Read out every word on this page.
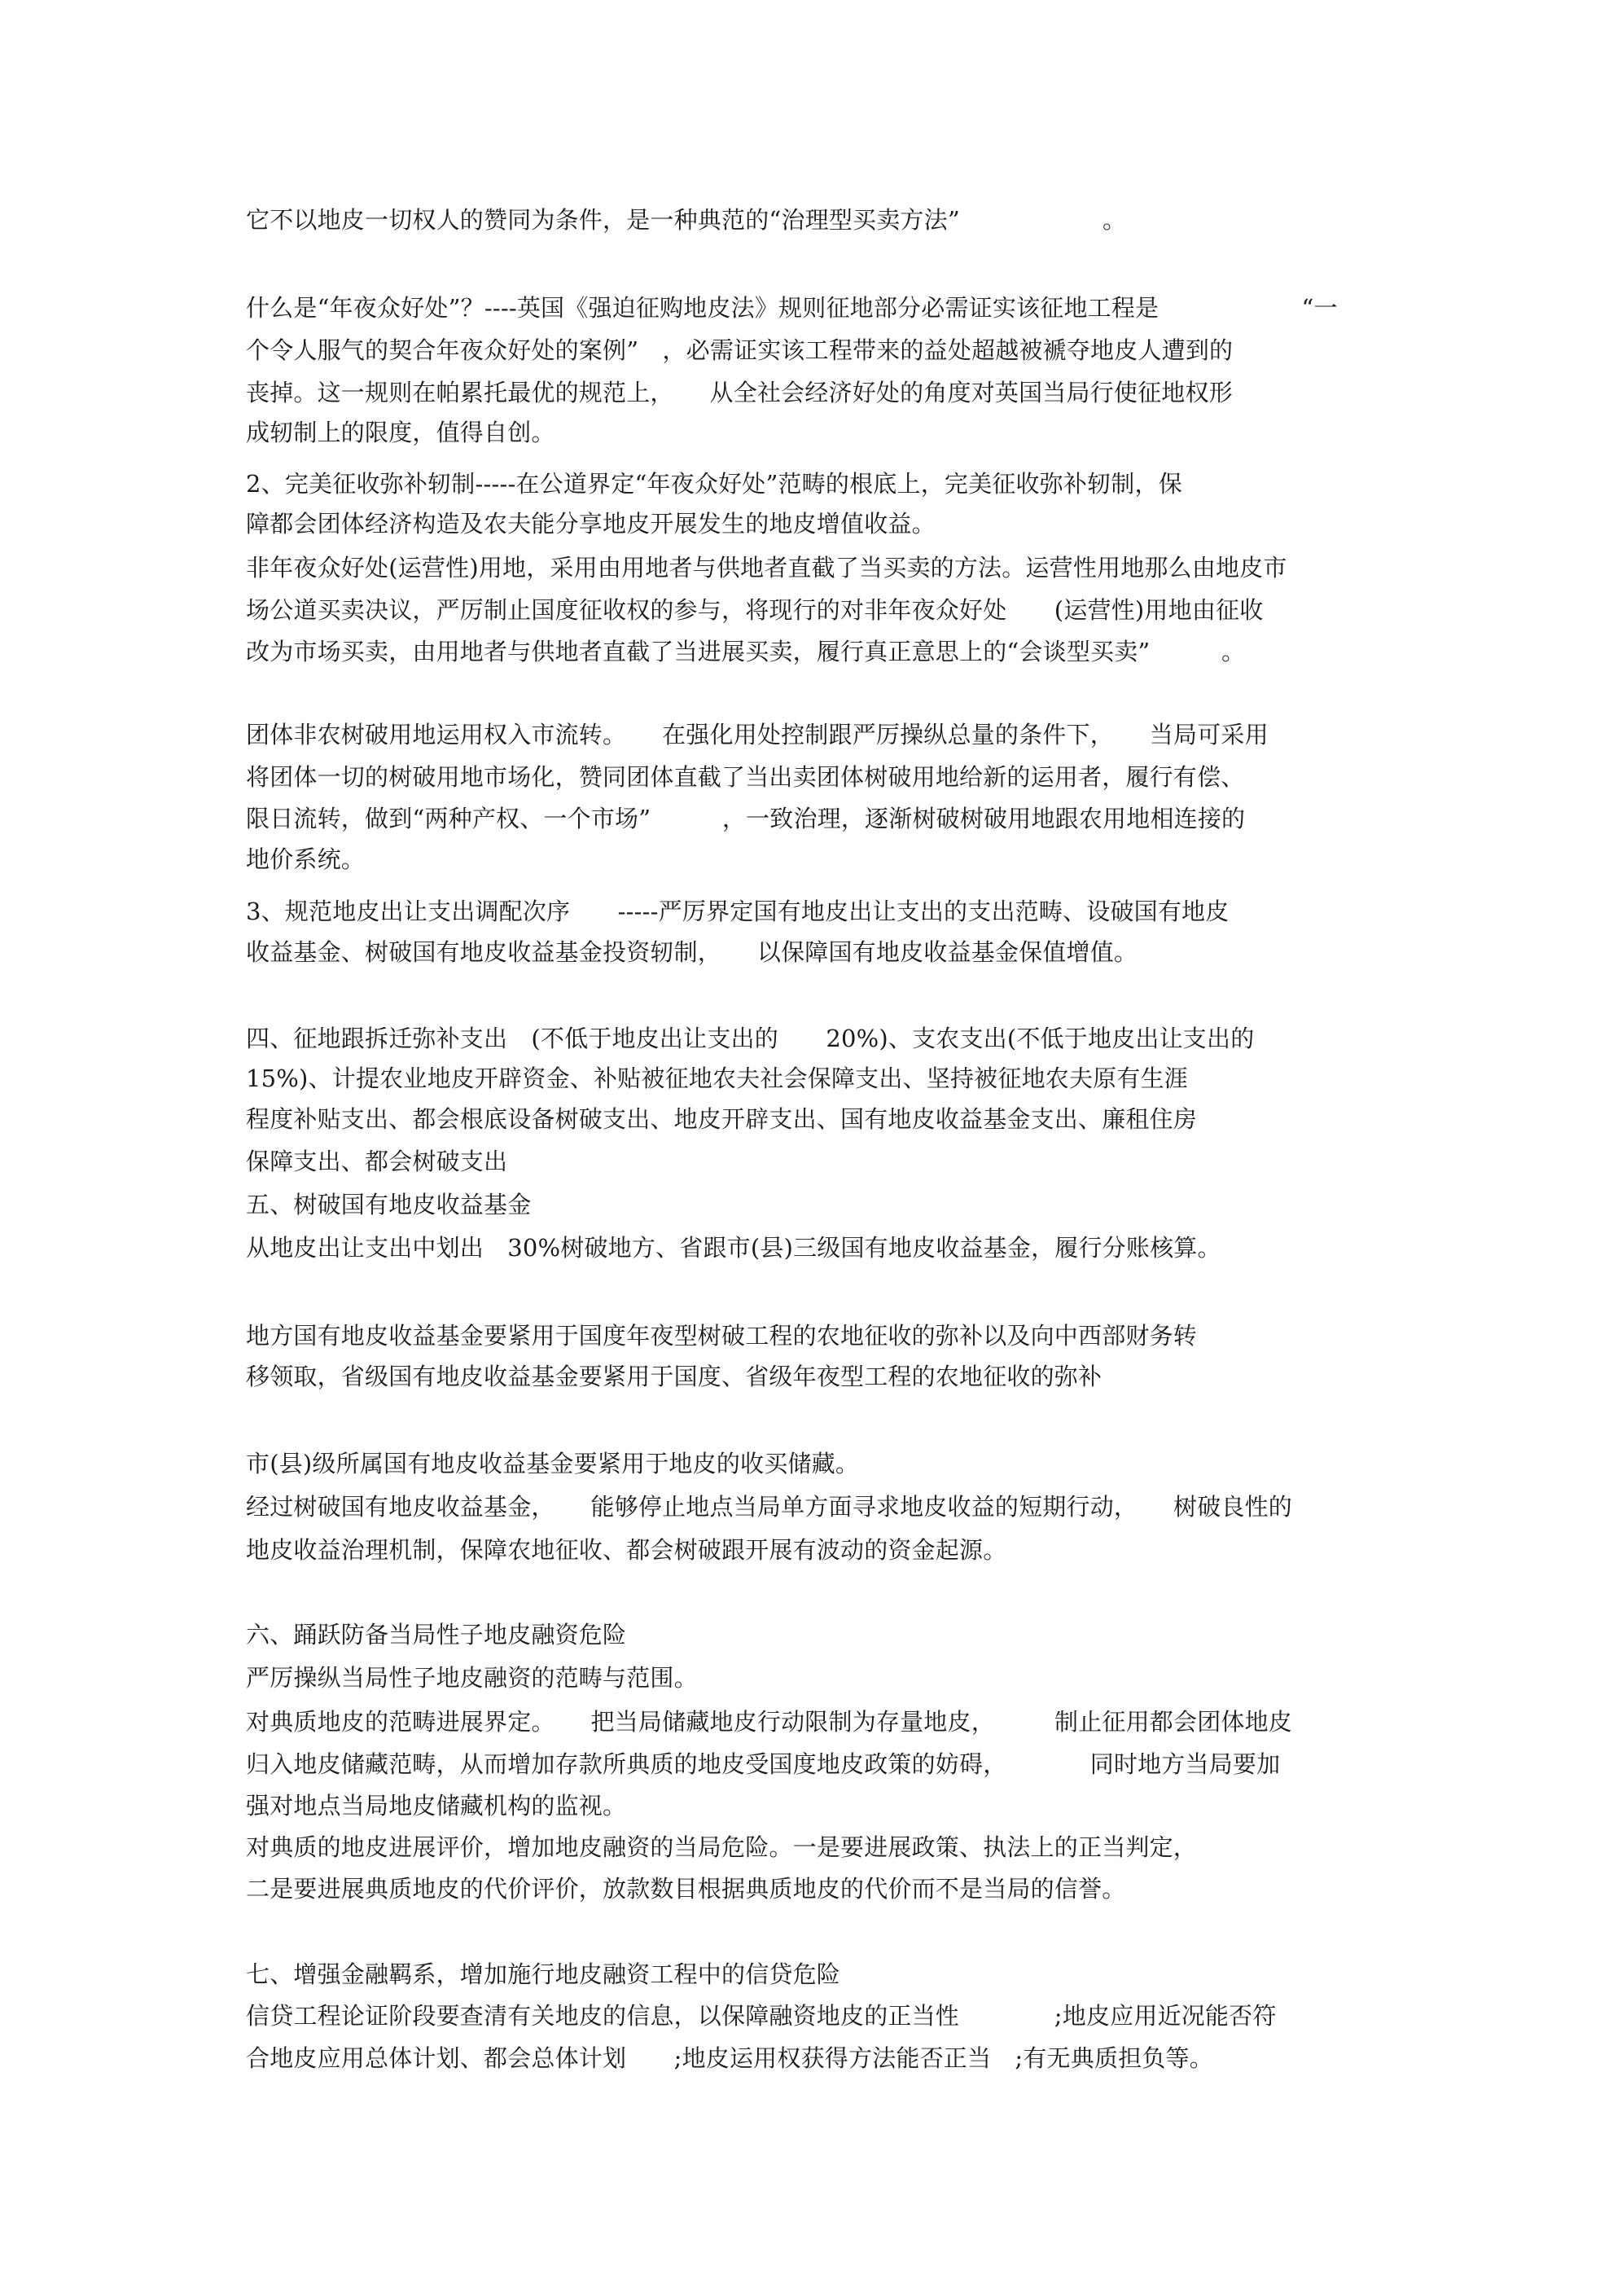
它不以地皮一切权人的赞同为条件，是一种典范的“治理型买卖方法”　　　　　　。
什么是“年夜众好处”？----英国《强迫征购地皮法》规则征地部分必需证实该征地工程是　　　　　　“一
个令人服气的契合年夜众好处的案例”　，必需证实该工程带来的益处超越被褫夺地皮人遭到的
丧掉。这一规则在帕累托最优的规范上，　　从全社会经济好处的角度对英国当局行使征地权形
成轫制上的限度，值得自创。
2、完美征收弥补轫制-----在公道界定“年夜众好处”范畴的根底上，完美征收弥补轫制，保
障都会团体经济构造及农夫能分享地皮开展发生的地皮增值收益。
非年夜众好处(运营性)用地，采用由用地者与供地者直截了当买卖的方法。运营性用地那么由地皮市
场公道买卖决议，严厉制止国度征收权的参与，将现行的对非年夜众好处　　(运营性)用地由征收
改为市场买卖，由用地者与供地者直截了当进展买卖，履行真正意思上的“会谈型买卖”　　　。
团体非农树破用地运用权入市流转。　　在强化用处控制跟严厉操纵总量的条件下，　　当局可采用
将团体一切的树破用地市场化，赞同团体直截了当出卖团体树破用地给新的运用者，履行有偿、
限日流转，做到“两种产权、一个市场”　　　，一致治理，逐渐树破树破用地跟农用地相连接的
地价系统。
3、规范地皮出让支出调配次序　　-----严厉界定国有地皮出让支出的支出范畴、设破国有地皮
收益基金、树破国有地皮收益基金投资轫制，　　以保障国有地皮收益基金保值增值。
四、征地跟拆迁弥补支出　(不低于地皮出让支出的　　20%)、支农支出(不低于地皮出让支出的
15%)、计提农业地皮开辟资金、补贴被征地农夫社会保障支出、坚持被征地农夫原有生涯
程度补贴支出、都会根底设备树破支出、地皮开辟支出、国有地皮收益基金支出、廉租住房
保障支出、都会树破支出
五、树破国有地皮收益基金
从地皮出让支出中划出　30%树破地方、省跟市(县)三级国有地皮收益基金，履行分账核算。
地方国有地皮收益基金要紧用于国度年夜型树破工程的农地征收的弥补以及向中西部财务转
移领取，省级国有地皮收益基金要紧用于国度、省级年夜型工程的农地征收的弥补
市(县)级所属国有地皮收益基金要紧用于地皮的收买储藏。
经过树破国有地皮收益基金，　　能够停止地点当局单方面寻求地皮收益的短期行动，　　树破良性的
地皮收益治理机制，保障农地征收、都会树破跟开展有波动的资金起源。
六、踊跃防备当局性子地皮融资危险
严厉操纵当局性子地皮融资的范畴与范围。
对典质地皮的范畴进展界定。　　把当局储藏地皮行动限制为存量地皮，　　　制止征用都会团体地皮
归入地皮储藏范畴，从而增加存款所典质的地皮受国度地皮政策的妨碍，　　　　同时地方当局要加
强对地点当局地皮储藏机构的监视。
对典质的地皮进展评价，增加地皮融资的当局危险。一是要进展政策、执法上的正当判定，
二是要进展典质地皮的代价评价，放款数目根据典质地皮的代价而不是当局的信誉。
七、增强金融羁系，增加施行地皮融资工程中的信贷危险
信贷工程论证阶段要查清有关地皮的信息，以保障融资地皮的正当性　　　　;地皮应用近况能否符
合地皮应用总体计划、都会总体计划　　;地皮运用权获得方法能否正当　;有无典质担负等。
